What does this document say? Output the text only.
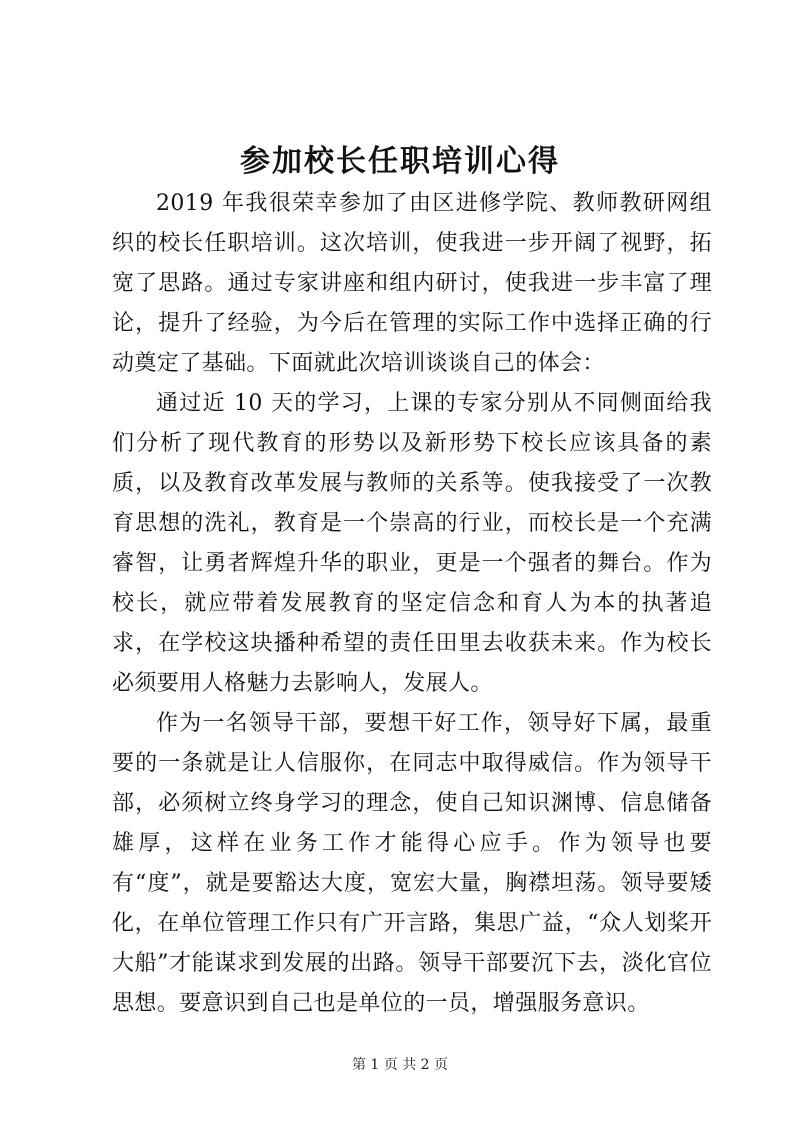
参加校长任职培训心得

2019 年我很荣幸参加了由区进修学院、教师教研网组织的校长任职培训。这次培训，使我进一步开阔了视野，拓宽了思路。通过专家讲座和组内研讨，使我进一步丰富了理论，提升了经验，为今后在管理的实际工作中选择正确的行动奠定了基础。下面就此次培训谈谈自己的体会：

通过近 10 天的学习，上课的专家分别从不同侧面给我们分析了现代教育的形势以及新形势下校长应该具备的素质，以及教育改革发展与教师的关系等。使我接受了一次教育思想的洗礼，教育是一个崇高的行业，而校长是一个充满睿智，让勇者辉煌升华的职业，更是一个强者的舞台。作为校长，就应带着发展教育的坚定信念和育人为本的执著追求，在学校这块播种希望的责任田里去收获未来。作为校长必须要用人格魅力去影响人，发展人。

作为一名领导干部，要想干好工作，领导好下属，最重要的一条就是让人信服你，在同志中取得威信。作为领导干部，必须树立终身学习的理念，使自己知识渊博、信息储备雄厚，这样在业务工作才能得心应手。作为领导也要有“度”，就是要豁达大度，宽宏大量，胸襟坦荡。领导要矮化，在单位管理工作只有广开言路，集思广益，“众人划桨开大船”才能谋求到发展的出路。领导干部要沉下去，淡化官位思想。要意识到自己也是单位的一员，增强服务意识。

第 1 页 共 2 页
